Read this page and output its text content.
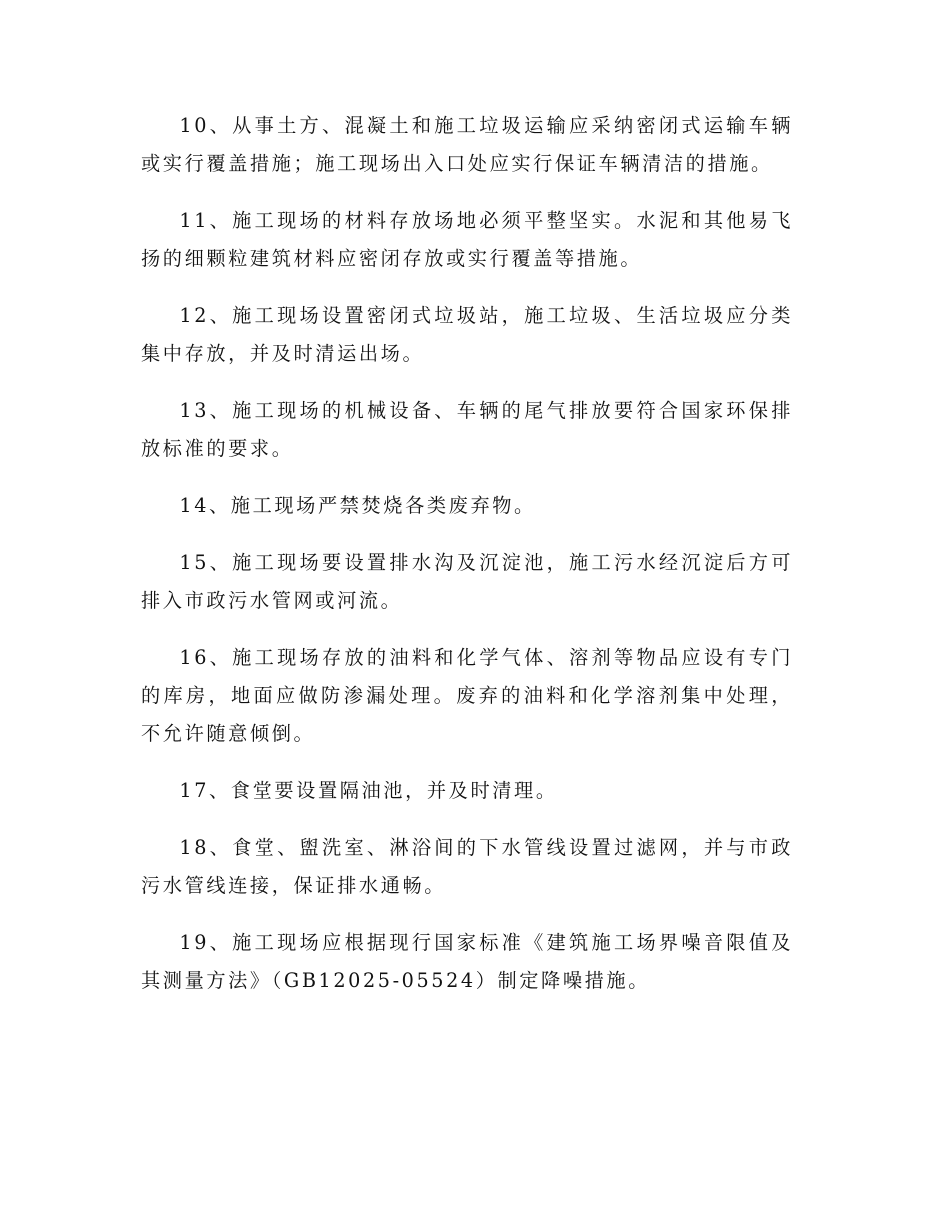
10、从事土方、混凝土和施工垃圾运输应采纳密闭式运输车辆或实行覆盖措施；施工现场出入口处应实行保证车辆清洁的措施。

11、施工现场的材料存放场地必须平整坚实。水泥和其他易飞扬的细颗粒建筑材料应密闭存放或实行覆盖等措施。

12、施工现场设置密闭式垃圾站，施工垃圾、生活垃圾应分类集中存放，并及时清运出场。

13、施工现场的机械设备、车辆的尾气排放要符合国家环保排放标准的要求。

14、施工现场严禁焚烧各类废弃物。

15、施工现场要设置排水沟及沉淀池，施工污水经沉淀后方可排入市政污水管网或河流。

16、施工现场存放的油料和化学气体、溶剂等物品应设有专门的库房，地面应做防渗漏处理。废弃的油料和化学溶剂集中处理，不允许随意倾倒。

17、食堂要设置隔油池，并及时清理。

18、食堂、盥洗室、淋浴间的下水管线设置过滤网，并与市政污水管线连接，保证排水通畅。

19、施工现场应根据现行国家标准《建筑施工场界噪音限值及其测量方法》（GB12025-05524）制定降噪措施。
